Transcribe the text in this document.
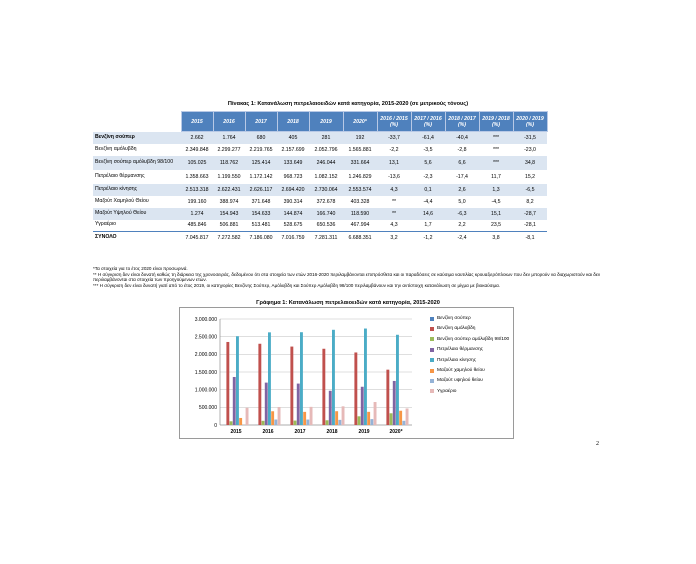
Πίνακας 1: Κατανάλωση πετρελαιοειδών κατά κατηγορία, 2015-2020 (σε μετρικούς τόνους)
	2015	2016	2017	2018	2019	2020*	2016 / 2015 (%)	2017 / 2016 (%)	2018 / 2017 (%)	2019 / 2018 (%)	2020 / 2019 (%)
Βενζίνη σούπερ	2.662	1.764	680	405	281	192	-33,7	-61,4	-40,4	***	-31,5
Βενζίνη αμόλυβδη	2.349.848	2.299.277	2.219.765	2.157.699	2.052.796	1.565.881	-2,2	-3,5	-2,8	***	-23,0
Βενζίνη σούπερ αμόλυβδη 98/100	105.025	118.762	125.414	133.649	246.044	331.664	13,1	5,6	6,6	***	34,8
Πετρέλαιο θέρμανσης	1.358.663	1.199.550	1.172.142	968.723	1.082.152	1.246.829	-13,6	-2,3	-17,4	11,7	15,2
Πετρέλαιο κίνησης	2.513.318	2.622.431	2.626.117	2.694.420	2.730.064	2.553.574	4,3	0,1	2,6	1,3	-6,5
Μαζούτ Χαμηλού Θείου	199.160	388.974	371.648	390.314	372.678	403.328	**	-4,4	5,0	-4,5	8,2
Μαζούτ Υψηλού Θείου	1.274	154.943	154.633	144.874	166.740	118.590	**	14,6	-6,3	15,1	-28,7
Υγραέριο	485.846	506.881	513.481	528.675	650.536	467.994	4,3	1,7	2,2	23,5	-28,1
ΣΥΝΟΛΟ	7.045.817	7.272.582	7.186.080	7.016.759	7.281.311	6.688.351	3,2	-1,2	-2,4	3,8	-8,1

*Τα στοιχεία για το έτος 2020 είναι προσωρινά.

** Η σύγκριση δεν είναι δυνατή καθώς τη διάρκεια της χρονοσειράς, δεδομένου ότι στα στοιχεία των ετών 2016-2020 περιλαμβάνονται επιπρόσθετα και οι παραδόσεις σε καύσιμα ναυτιλίας κρουαζιερόπλοιων που δεν μπορούν να διαχωριστούν και δεν περιλαμβάνονται στα στοιχεία των προηγούμενων ετών.

*** Η σύγκριση δεν είναι δυνατή γιατί από το έτος 2019, οι κατηγορίες Βενζίνης Σούπερ, Αμόλυβδη και Σούπερ Αμόλυβδη 98/100 περιλαμβάνουν και την αντίστοιχη κατανάλωση σε μίγμα με βιοκαύσιμα.

Γράφημα 1: Κατανάλωση πετρελαιοειδών κατά κατηγορία, 2015-2020
0
500.000
1.000.000
1.500.000
2.000.000
2.500.000
3.000.000
2015	2016	2017	2018	2019	2020*
Βενζίνη σούπερ
Βενζίνη αμόλυβδη
Βενζίνη σούπερ αμόλυβδη 98/100
Πετρέλαιο θέρμανσης
Πετρέλαιο κίνησης
Μαζούτ χαμηλού θείου
Μαζούτ υψηλού θείου
Υγραέριο
2
